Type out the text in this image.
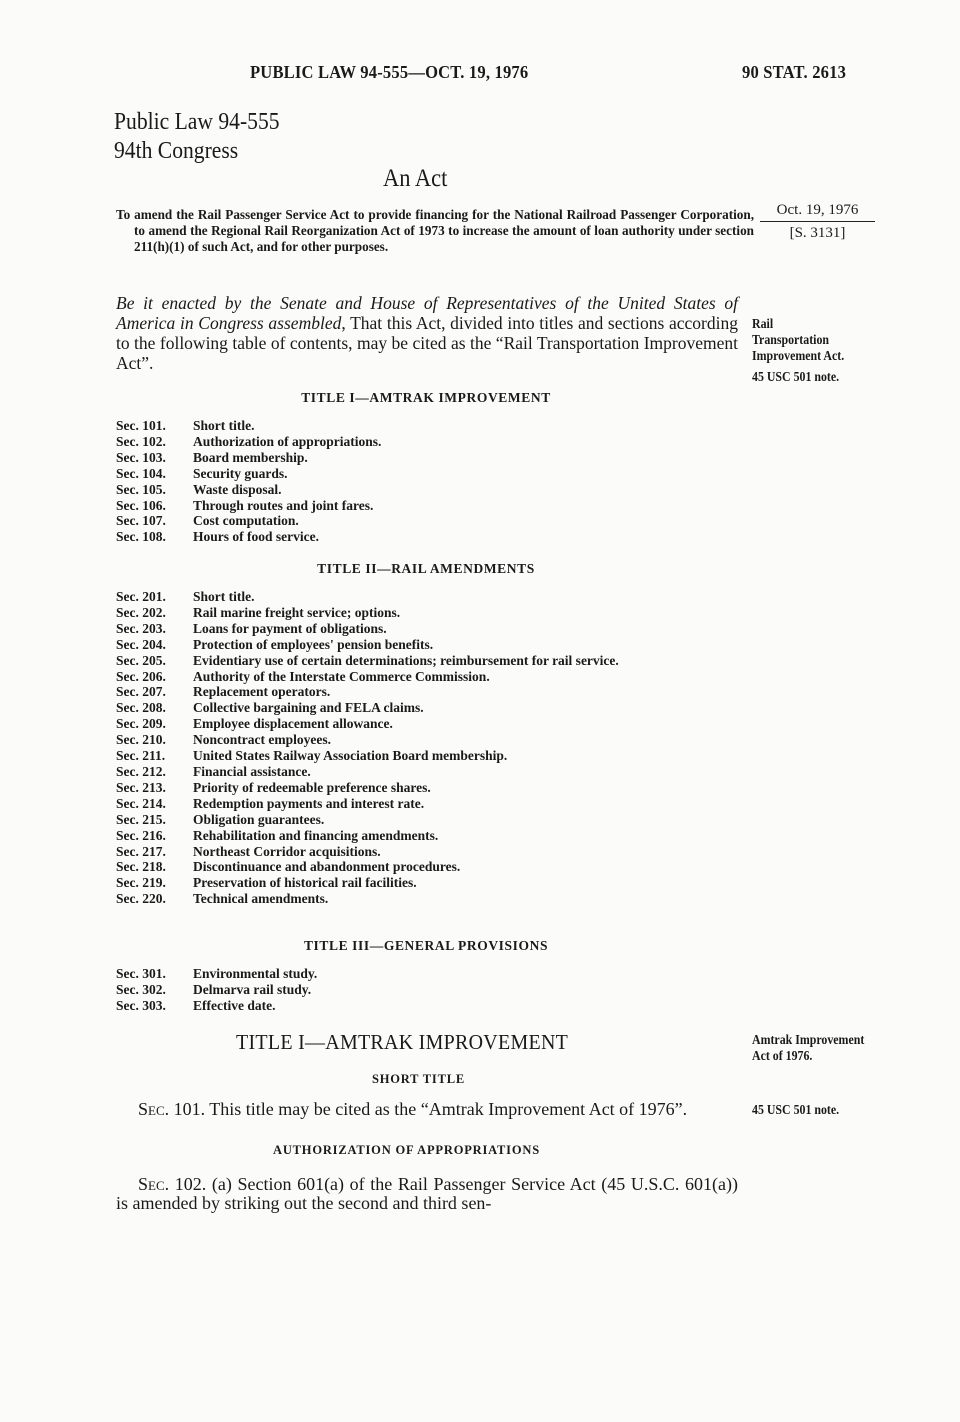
PUBLIC LAW 94-555—OCT. 19, 1976	90 STAT. 2613
Public Law 94-555
94th Congress
An Act
To amend the Rail Passenger Service Act to provide financing for the National Railroad Passenger Corporation, to amend the Regional Rail Reorganization Act of 1973 to increase the amount of loan authority under section 211(h)(1) of such Act, and for other purposes.
Oct. 19, 1976
[S. 3131]
Be it enacted by the Senate and House of Representatives of the United States of America in Congress assembled, That this Act, divided into titles and sections according to the following table of contents, may be cited as the “Rail Transportation Improvement Act”.
Rail Transportation Improvement Act.
45 USC 501 note.
TITLE I—AMTRAK IMPROVEMENT
Sec. 101.	Short title.
Sec. 102.	Authorization of appropriations.
Sec. 103.	Board membership.
Sec. 104.	Security guards.
Sec. 105.	Waste disposal.
Sec. 106.	Through routes and joint fares.
Sec. 107.	Cost computation.
Sec. 108.	Hours of food service.
TITLE II—RAIL AMENDMENTS
Sec. 201.	Short title.
Sec. 202.	Rail marine freight service; options.
Sec. 203.	Loans for payment of obligations.
Sec. 204.	Protection of employees' pension benefits.
Sec. 205.	Evidentiary use of certain determinations; reimbursement for rail service.
Sec. 206.	Authority of the Interstate Commerce Commission.
Sec. 207.	Replacement operators.
Sec. 208.	Collective bargaining and FELA claims.
Sec. 209.	Employee displacement allowance.
Sec. 210.	Noncontract employees.
Sec. 211.	United States Railway Association Board membership.
Sec. 212.	Financial assistance.
Sec. 213.	Priority of redeemable preference shares.
Sec. 214.	Redemption payments and interest rate.
Sec. 215.	Obligation guarantees.
Sec. 216.	Rehabilitation and financing amendments.
Sec. 217.	Northeast Corridor acquisitions.
Sec. 218.	Discontinuance and abandonment procedures.
Sec. 219.	Preservation of historical rail facilities.
Sec. 220.	Technical amendments.
TITLE III—GENERAL PROVISIONS
Sec. 301.	Environmental study.
Sec. 302.	Delmarva rail study.
Sec. 303.	Effective date.
TITLE I—AMTRAK IMPROVEMENT	Amtrak Improvement Act of 1976.
SHORT TITLE
Sec. 101. This title may be cited as the “Amtrak Improvement Act of 1976”.	45 USC 501 note.
AUTHORIZATION OF APPROPRIATIONS
Sec. 102. (a) Section 601(a) of the Rail Passenger Service Act (45 U.S.C. 601(a)) is amended by striking out the second and third sen-
